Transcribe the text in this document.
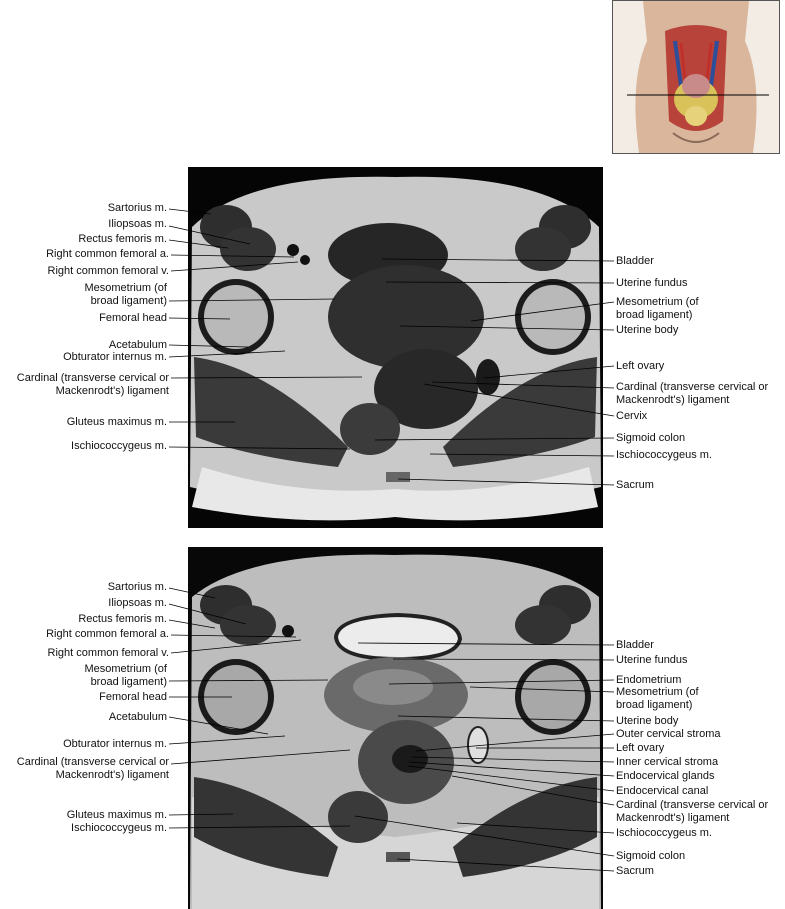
Sartorius m.
Iliopsoas m.
Rectus femoris m.
Right common femoral a.
Right common femoral v.
Mesometrium (of
broad ligament)
Femoral head
Acetabulum
Obturator internus m.
Cardinal (transverse cervical or
Mackenrodt's) ligament
Gluteus maximus m.
Ischiococcygeus m.
Bladder
Uterine fundus
Mesometrium (of
broad ligament)
Uterine body
Left ovary
Cardinal (transverse cervical or
Mackenrodt's) ligament
Cervix
Sigmoid colon
Ischiococcygeus m.
Sacrum
Sartorius m.
Iliopsoas m.
Rectus femoris m.
Right common femoral a.
Right common femoral v.
Mesometrium (of
broad ligament)
Femoral head
Acetabulum
Obturator internus m.
Cardinal (transverse cervical or
Mackenrodt's) ligament
Gluteus maximus m.
Ischiococcygeus m.
Bladder
Uterine fundus
Endometrium
Mesometrium (of
broad ligament)
Uterine body
Outer cervical stroma
Left ovary
Inner cervical stroma
Endocervical glands
Endocervical canal
Cardinal (transverse cervical or
Mackenrodt's) ligament
Ischiococcygeus m.
Sigmoid colon
Sacrum
